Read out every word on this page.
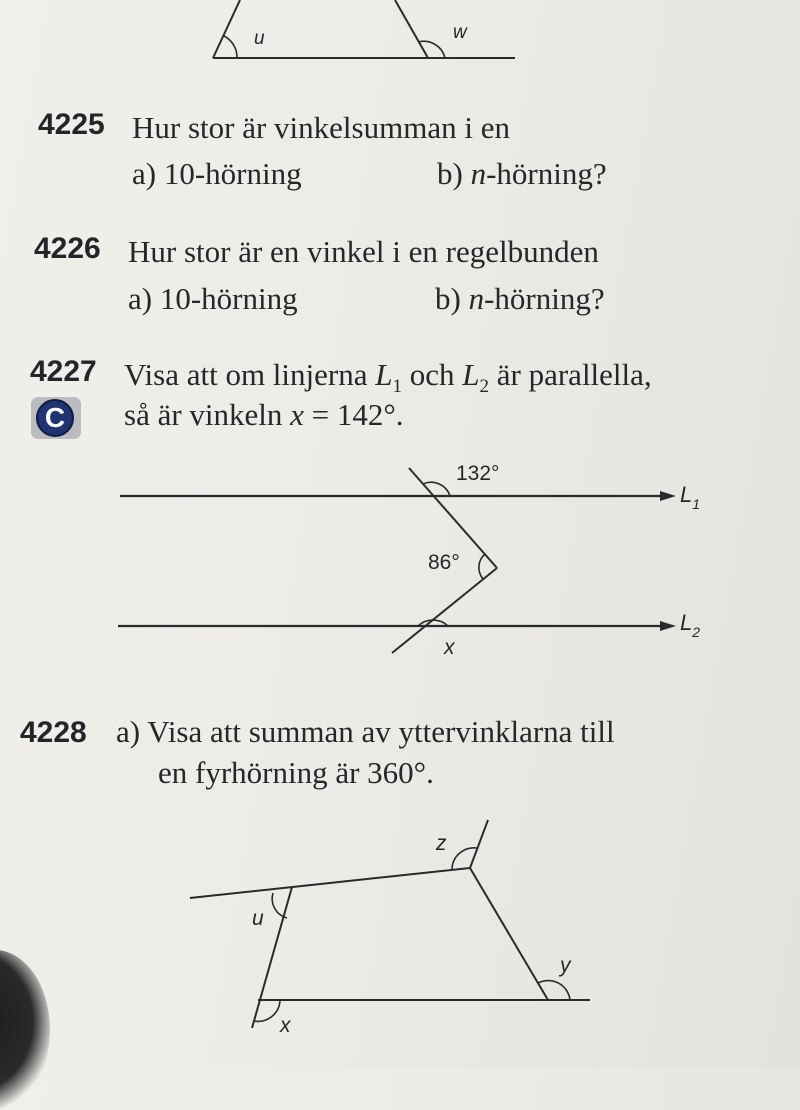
u	w
4225 Hur stor är vinkelsumman i en
a) 10-hörning	b) n-hörning?
4226 Hur stor är en vinkel i en regelbunden
a) 10-hörning	b) n-hörning?
4227
C
Visa att om linjerna $L_1$ och $L_2$ är parallella,
så är vinkeln x = 142°.
132°
86°
x
$L_1$
$L_2$
4228 a) Visa att summan av yttervinklarna till
en fyrhörning är 360°.
z
u
y
x
